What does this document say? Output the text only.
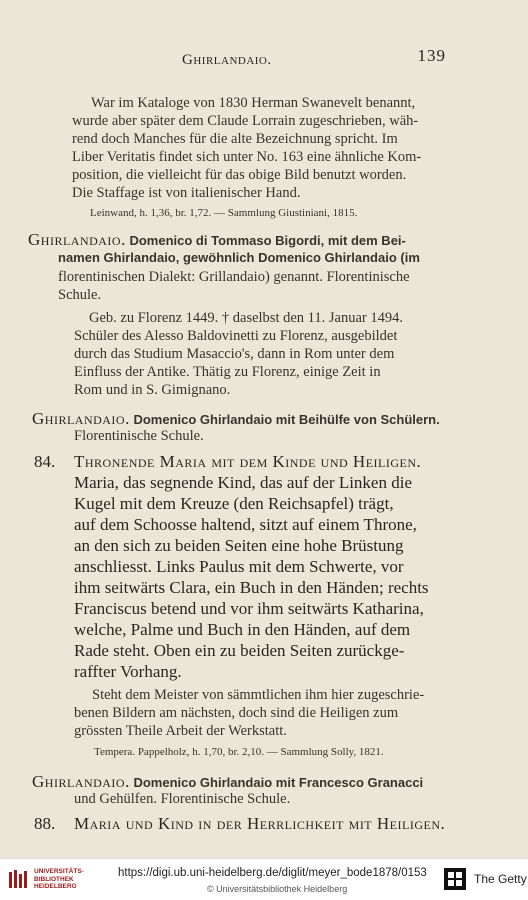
Ghirlandaio.	139
War im Kataloge von 1830 Herman Swanevelt benannt,
wurde aber später dem Claude Lorrain zugeschrieben, wäh-
rend doch Manches für die alte Bezeichnung spricht. Im
Liber Veritatis findet sich unter No. 163 eine ähnliche Kom-
position, die vielleicht für das obige Bild benutzt worden.
Die Staffage ist von italienischer Hand.
Leinwand, h. 1,36, br. 1,72. — Sammlung Giustiniani, 1815.
Ghirlandaio. Domenico di Tommaso Bigordi, mit dem Bei-
namen Ghirlandaio, gewöhnlich Domenico Ghirlandaio (im
florentinischen Dialekt: Grillandaio) genannt. Florentinische
Schule.
Geb. zu Florenz 1449. † daselbst den 11. Januar 1494.
Schüler des Alesso Baldovinetti zu Florenz, ausgebildet
durch das Studium Masaccio's, dann in Rom unter dem
Einfluss der Antike. Thätig zu Florenz, einige Zeit in
Rom und in S. Gimignano.
Ghirlandaio. Domenico Ghirlandaio mit Beihülfe von Schülern.
Florentinische Schule.
84. Thronende Maria mit dem Kinde und Heiligen.
Maria, das segnende Kind, das auf der Linken die
Kugel mit dem Kreuze (den Reichsapfel) trägt,
auf dem Schoosse haltend, sitzt auf einem Throne,
an den sich zu beiden Seiten eine hohe Brüstung
anschliesst. Links Paulus mit dem Schwerte, vor
ihm seitwärts Clara, ein Buch in den Händen; rechts
Franciscus betend und vor ihm seitwärts Katharina,
welche, Palme und Buch in den Händen, auf dem
Rade steht. Oben ein zu beiden Seiten zurückge-
raffter Vorhang.
Steht dem Meister von sämmtlichen ihm hier zugeschrie-
benen Bildern am nächsten, doch sind die Heiligen zum
grössten Theile Arbeit der Werkstatt.
Tempera. Pappelholz, h. 1,70, br. 2,10. — Sammlung Solly, 1821.
Ghirlandaio. Domenico Ghirlandaio mit Francesco Granacci
und Gehülfen. Florentinische Schule.
88. Maria und Kind in der Herrlichkeit mit Heiligen.
UNIVERSITÄTS-
BIBLIOTHEK
HEIDELBERG
https://digi.ub.uni-heidelberg.de/diglit/meyer_bode1878/0153
© Universitätsbibliothek Heidelberg
The Getty
